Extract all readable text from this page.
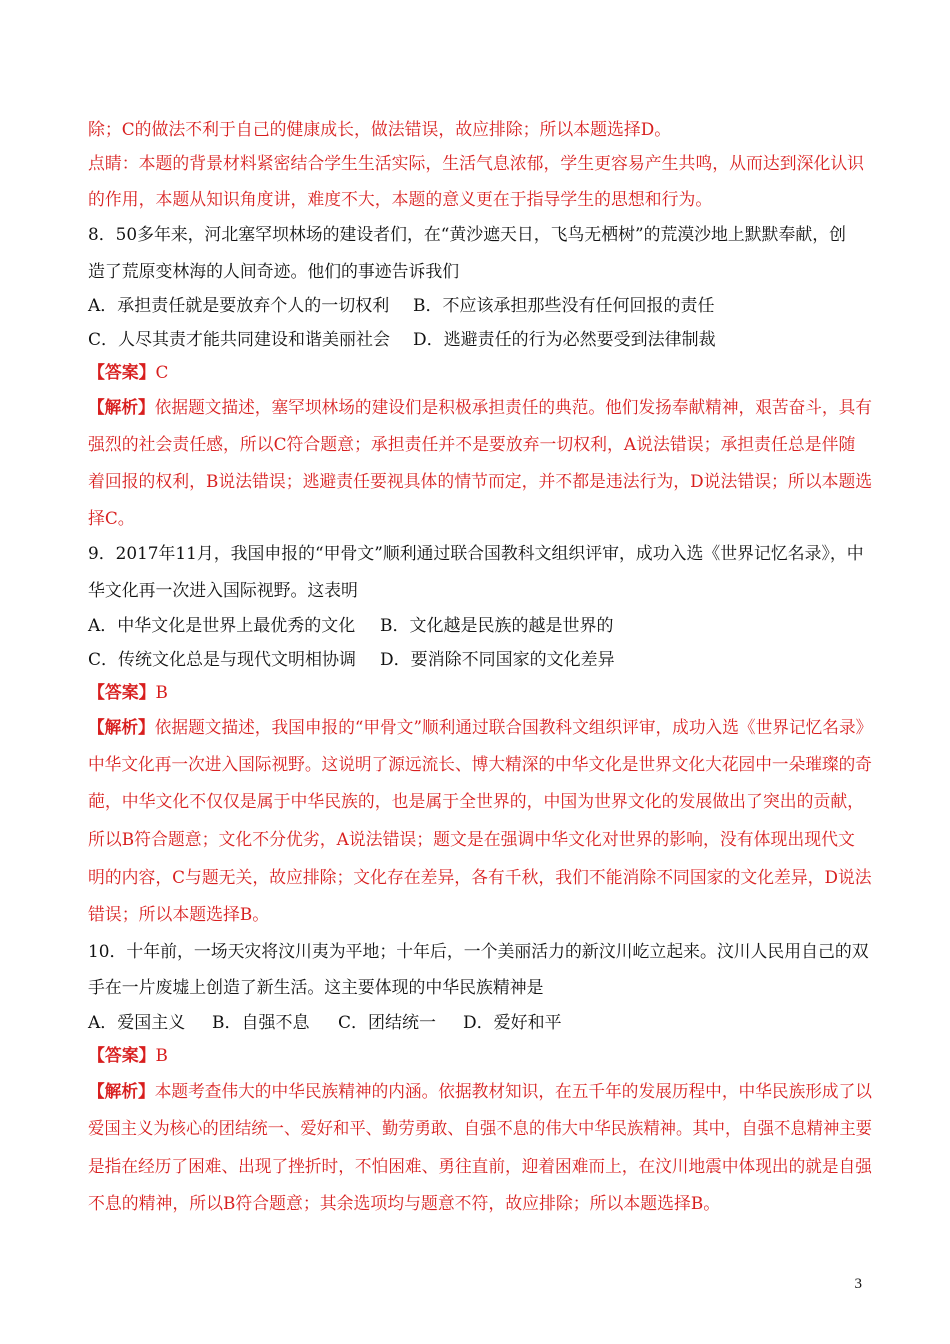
除；C的做法不利于自己的健康成长，做法错误，故应排除；所以本题选择D。
点睛：本题的背景材料紧密结合学生生活实际，生活气息浓郁，学生更容易产生共鸣，从而达到深化认识
的作用，本题从知识角度讲，难度不大，本题的意义更在于指导学生的思想和行为。
8．50多年来，河北塞罕坝林场的建设者们，在“黄沙遮天日，飞鸟无栖树”的荒漠沙地上默默奉献，创
造了荒原变林海的人间奇迹。他们的事迹告诉我们
A．承担责任就是要放弃个人的一切权利 B．不应该承担那些没有任何回报的责任
C．人尽其责才能共同建设和谐美丽社会 D．逃避责任的行为必然要受到法律制裁
【答案】C
【解析】依据题文描述，塞罕坝林场的建设们是积极承担责任的典范。他们发扬奉献精神，艰苦奋斗，具有
强烈的社会责任感，所以C符合题意；承担责任并不是要放弃一切权利，A说法错误；承担责任总是伴随
着回报的权利，B说法错误；逃避责任要视具体的情节而定，并不都是违法行为，D说法错误；所以本题选
择C。
9．2017年11月，我国申报的“甲骨文”顺利通过联合国教科文组织评审，成功入选《世界记忆名录》，中
华文化再一次进入国际视野。这表明
A．中华文化是世界上最优秀的文化 B．文化越是民族的越是世界的
C．传统文化总是与现代文明相协调 D．要消除不同国家的文化差异
【答案】B
【解析】依据题文描述，我国申报的“甲骨文”顺利通过联合国教科文组织评审，成功入选《世界记忆名录》
中华文化再一次进入国际视野。这说明了源远流长、博大精深的中华文化是世界文化大花园中一朵璀璨的奇
葩，中华文化不仅仅是属于中华民族的，也是属于全世界的，中国为世界文化的发展做出了突出的贡献，
所以B符合题意；文化不分优劣，A说法错误；题文是在强调中华文化对世界的影响，没有体现出现代文
明的内容，C与题无关，故应排除；文化存在差异，各有千秋，我们不能消除不同国家的文化差异，D说法
错误；所以本题选择B。
10．十年前，一场天灾将汶川夷为平地；十年后，一个美丽活力的新汶川屹立起来。汶川人民用自己的双
手在一片废墟上创造了新生活。这主要体现的中华民族精神是
A．爱国主义 B．自强不息 C．团结统一 D．爱好和平
【答案】B
【解析】本题考查伟大的中华民族精神的内涵。依据教材知识，在五千年的发展历程中，中华民族形成了以
爱国主义为核心的团结统一、爱好和平、勤劳勇敢、自强不息的伟大中华民族精神。其中，自强不息精神主要
是指在经历了困难、出现了挫折时，不怕困难、勇往直前，迎着困难而上，在汶川地震中体现出的就是自强
不息的精神，所以B符合题意；其余选项均与题意不符，故应排除；所以本题选择B。
3
